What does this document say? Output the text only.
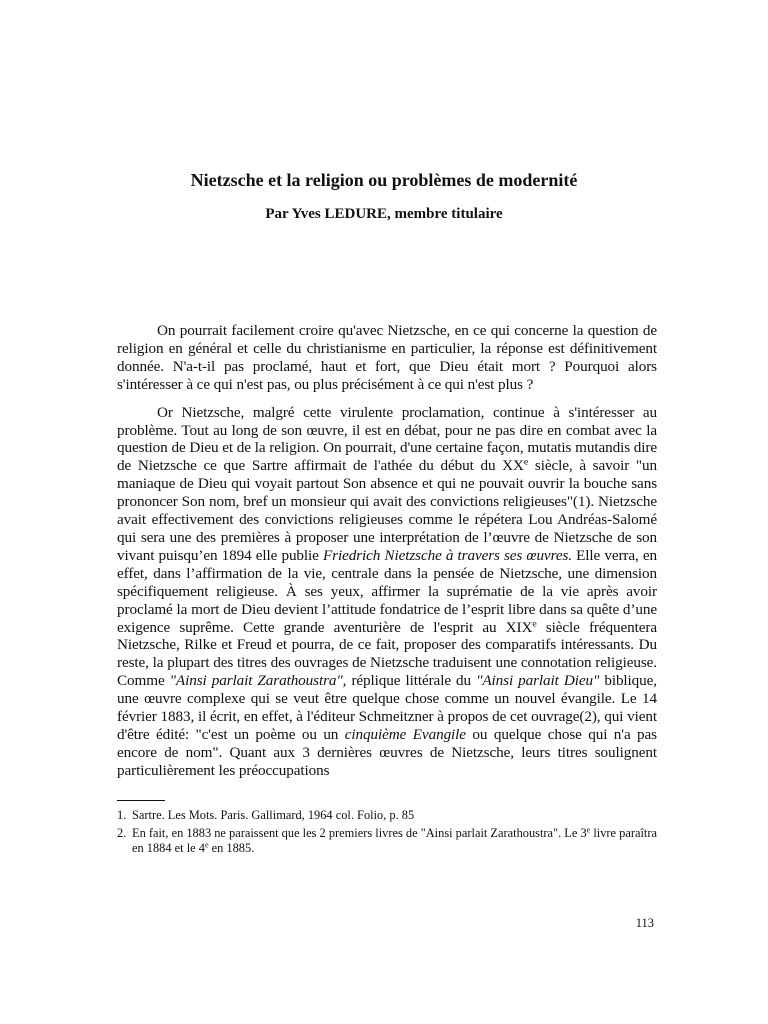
Nietzsche et la religion ou problèmes de modernité
Par Yves LEDURE, membre titulaire

On pourrait facilement croire qu'avec Nietzsche, en ce qui concerne la question de religion en général et celle du christianisme en particulier, la réponse est définitivement donnée. N'a-t-il pas proclamé, haut et fort, que Dieu était mort ? Pourquoi alors s'intéresser à ce qui n'est pas, ou plus précisément à ce qui n'est plus ?

Or Nietzsche, malgré cette virulente proclamation, continue à s'intéresser au problème. Tout au long de son œuvre, il est en débat, pour ne pas dire en combat avec la question de Dieu et de la religion. On pourrait, d'une certaine façon, mutatis mutandis dire de Nietzsche ce que Sartre affirmait de l'athée du début du XXe siècle, à savoir "un maniaque de Dieu qui voyait partout Son absence et qui ne pouvait ouvrir la bouche sans prononcer Son nom, bref un monsieur qui avait des convictions religieuses"(1). Nietzsche avait effectivement des convictions religieuses comme le répétera Lou Andréas-Salomé qui sera une des premières à proposer une interprétation de l’œuvre de Nietzsche de son vivant puisqu’en 1894 elle publie Friedrich Nietzsche à travers ses œuvres. Elle verra, en effet, dans l’affirmation de la vie, centrale dans la pensée de Nietzsche, une dimension spécifiquement religieuse. À ses yeux, affirmer la suprématie de la vie après avoir proclamé la mort de Dieu devient l’attitude fondatrice de l’esprit libre dans sa quête d’une exigence suprême. Cette grande aventurière de l'esprit au XIXe siècle fréquentera Nietzsche, Rilke et Freud et pourra, de ce fait, proposer des comparatifs intéressants. Du reste, la plupart des titres des ouvrages de Nietzsche traduisent une connotation religieuse. Comme "Ainsi parlait Zarathoustra", réplique littérale du "Ainsi parlait Dieu" biblique, une œuvre complexe qui se veut être quelque chose comme un nouvel évangile. Le 14 février 1883, il écrit, en effet, à l'éditeur Schmeitzner à propos de cet ouvrage(2), qui vient d'être édité: "c'est un poème ou un cinquième Evangile ou quelque chose qui n'a pas encore de nom". Quant aux 3 dernières œuvres de Nietzsche, leurs titres soulignent particulièrement les préoccupations

1. Sartre. Les Mots. Paris. Gallimard, 1964 col. Folio, p. 85
2. En fait, en 1883 ne paraissent que les 2 premiers livres de "Ainsi parlait Zarathoustra". Le 3e livre paraîtra en 1884 et le 4e en 1885.
113
